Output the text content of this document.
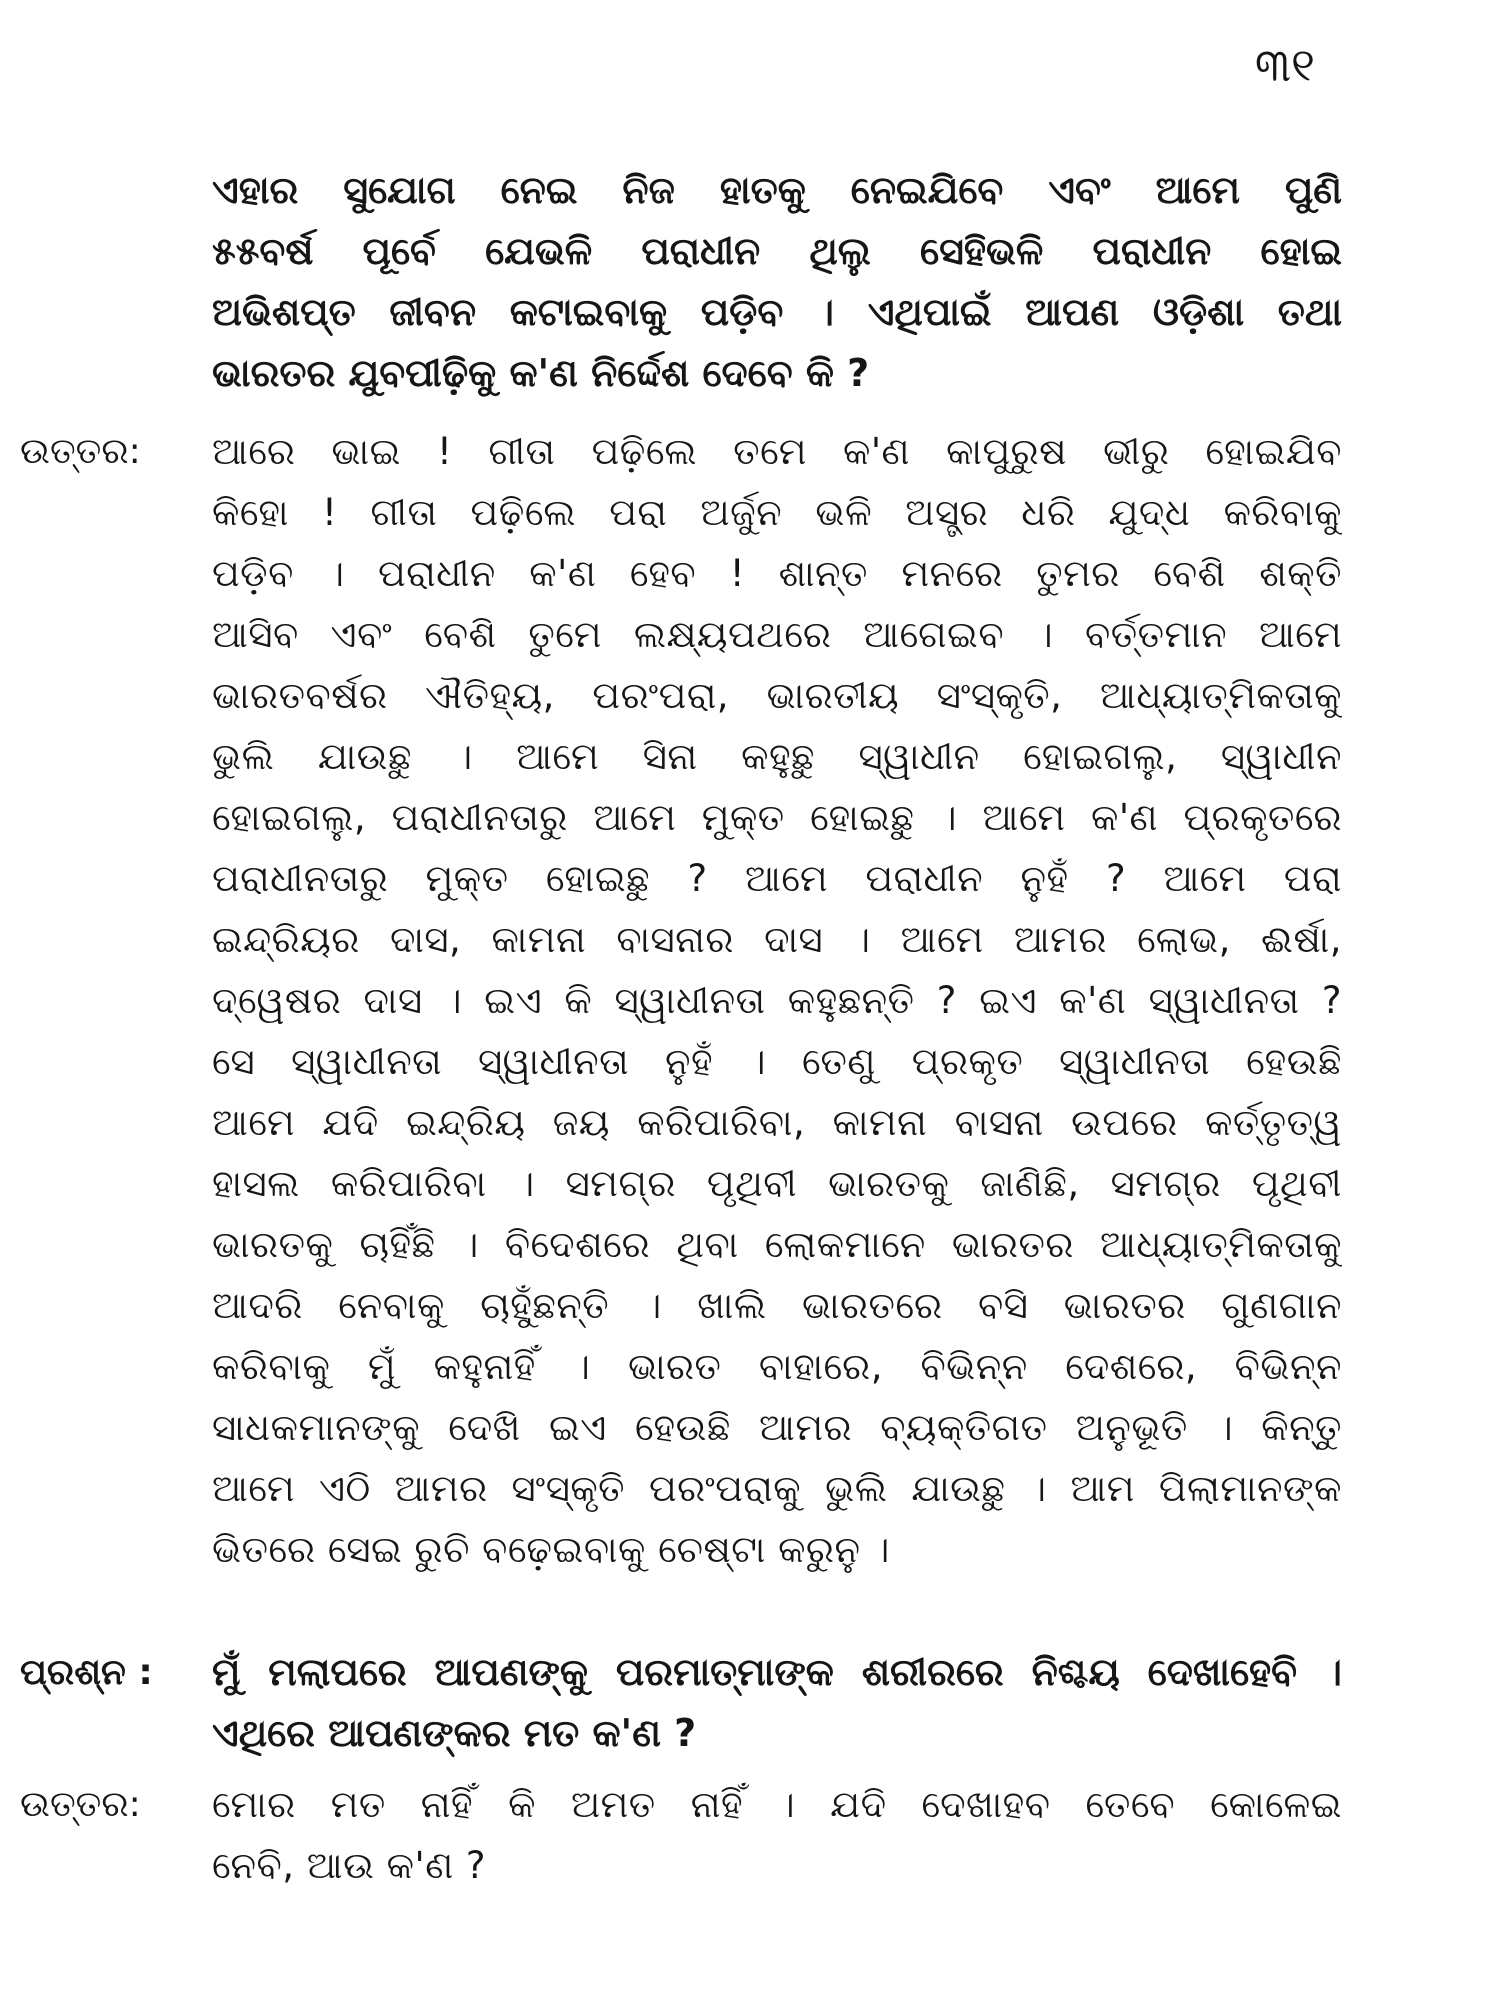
୩୧
ଏହାର ସୁଯୋଗ ନେଇ ନିଜ ହାତକୁ ନେଇଯିବେ ଏବଂ ଆମେ ପୁଣି
୫୫ବର୍ଷ ପୂର୍ବେ ଯେଭଳି ପରାଧୀନ ଥିଲୁ ସେହିଭଳି ପରାଧୀନ ହୋଇ
ଅଭିଶପ୍ତ ଜୀବନ କଟାଇବାକୁ ପଡ଼ିବ । ଏଥିପାଇଁ ଆପଣ ଓଡ଼ିଶା ତଥା
ଭାରତର ଯୁବପୀଢ଼ିକୁ କ'ଣ ନିର୍ଦ୍ଦେଶ ଦେବେ କି ?
ଉତ୍ତର: ଆରେ ଭାଇ ! ଗୀତା ପଢ଼ିଲେ ତମେ କ'ଣ କାପୁରୁଷ ଭୀରୁ ହୋଇଯିବ
କିହୋ ! ଗୀତା ପଢ଼ିଲେ ପରା ଅର୍ଜୁନ ଭଳି ଅସ୍ତ୍ର ଧରି ଯୁଦ୍ଧ କରିବାକୁ
ପଡ଼ିବ । ପରାଧୀନ କ'ଣ ହେବ ! ଶାନ୍ତ ମନରେ ତୁମର ବେଶି ଶକ୍ତି
ଆସିବ ଏବଂ ବେଶି ତୁମେ ଲକ୍ଷ୍ୟପଥରେ ଆଗେଇବ । ବର୍ତ୍ତମାନ ଆମେ
ଭାରତବର୍ଷର ଐତିହ୍ୟ, ପରଂପରା, ଭାରତୀୟ ସଂସ୍କୃତି, ଆଧ୍ୟାତ୍ମିକତାକୁ
ଭୁଲି ଯାଉଛୁ । ଆମେ ସିନା କହୁଛୁ ସ୍ୱାଧୀନ ହୋଇଗଲୁ, ସ୍ୱାଧୀନ
ହୋଇଗଲୁ, ପରାଧୀନତାରୁ ଆମେ ମୁକ୍ତ ହୋଇଛୁ । ଆମେ କ'ଣ ପ୍ରକୃତରେ
ପରାଧୀନତାରୁ ମୁକ୍ତ ହୋଇଛୁ ? ଆମେ ପରାଧୀନ ନୁହଁ ? ଆମେ ପରା
ଇନ୍ଦ୍ରିୟର ଦାସ, କାମନା ବାସନାର ଦାସ । ଆମେ ଆମର ଲୋଭ, ଈର୍ଷା,
ଦ୍ୱେଷର ଦାସ । ଇଏ କି ସ୍ୱାଧୀନତା କହୁଛନ୍ତି ? ଇଏ କ'ଣ ସ୍ୱାଧୀନତା ?
ସେ ସ୍ୱାଧୀନତା ସ୍ୱାଧୀନତା ନୁହଁ । ତେଣୁ ପ୍ରକୃତ ସ୍ୱାଧୀନତା ହେଉଛି
ଆମେ ଯଦି ଇନ୍ଦ୍ରିୟ ଜୟ କରିପାରିବା, କାମନା ବାସନା ଉପରେ କର୍ତ୍ତୃତ୍ୱ
ହାସଲ କରିପାରିବା । ସମଗ୍ର ପୃଥିବୀ ଭାରତକୁ ଜାଣିଛି, ସମଗ୍ର ପୃଥିବୀ
ଭାରତକୁ ଚାହିଁଛି । ବିଦେଶରେ ଥିବା ଲୋକମାନେ ଭାରତର ଆଧ୍ୟାତ୍ମିକତାକୁ
ଆଦରି ନେବାକୁ ଚାହୁଁଛନ୍ତି । ଖାଲି ଭାରତରେ ବସି ଭାରତର ଗୁଣଗାନ
କରିବାକୁ ମୁଁ କହୁନାହିଁ । ଭାରତ ବାହାରେ, ବିଭିନ୍ନ ଦେଶରେ, ବିଭିନ୍ନ
ସାଧକମାନଙ୍କୁ ଦେଖି ଇଏ ହେଉଛି ଆମର ବ୍ୟକ୍ତିଗତ ଅନୁଭୂତି । କିନ୍ତୁ
ଆମେ ଏଠି ଆମର ସଂସ୍କୃତି ପରଂପରାକୁ ଭୁଲି ଯାଉଛୁ । ଆମ ପିଲାମାନଙ୍କ
ଭିତରେ ସେଇ ରୁଚି ବଢ଼େଇବାକୁ ଚେଷ୍ଟା କରୁନୁ ।
ପ୍ରଶ୍ନ : ମୁଁ ମଲାପରେ ଆପଣଙ୍କୁ ପରମାତ୍ମାଙ୍କ ଶରୀରରେ ନିଶ୍ଚୟ ଦେଖାହେବି ।
ଏଥିରେ ଆପଣଙ୍କର ମତ କ'ଣ ?
ଉତ୍ତର: ମୋର ମତ ନାହିଁ କି ଅମତ ନାହିଁ । ଯଦି ଦେଖାହବ ତେବେ କୋଳେଇ
ନେବି, ଆଉ କ'ଣ ?
